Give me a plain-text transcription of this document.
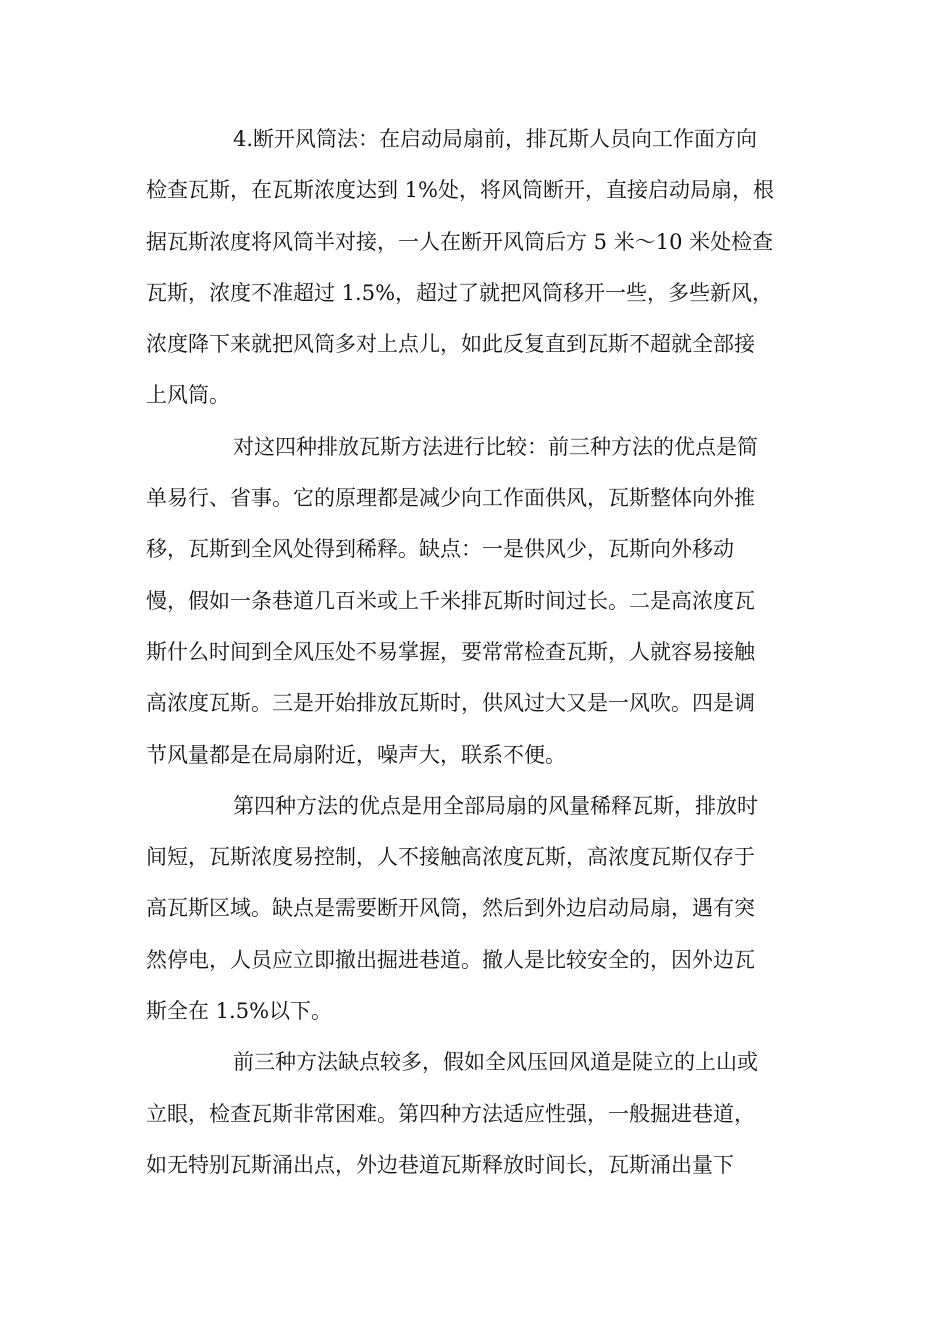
4.断开风筒法：在启动局扇前，排瓦斯人员向工作面方向
检查瓦斯，在瓦斯浓度达到 1%处，将风筒断开，直接启动局扇，根
据瓦斯浓度将风筒半对接，一人在断开风筒后方 5 米～10 米处检查
瓦斯，浓度不准超过 1.5%，超过了就把风筒移开一些，多些新风，
浓度降下来就把风筒多对上点儿，如此反复直到瓦斯不超就全部接
上风筒。
对这四种排放瓦斯方法进行比较：前三种方法的优点是简
单易行、省事。它的原理都是减少向工作面供风，瓦斯整体向外推
移，瓦斯到全风处得到稀释。缺点：一是供风少，瓦斯向外移动
慢，假如一条巷道几百米或上千米排瓦斯时间过长。二是高浓度瓦
斯什么时间到全风压处不易掌握，要常常检查瓦斯，人就容易接触
高浓度瓦斯。三是开始排放瓦斯时，供风过大又是一风吹。四是调
节风量都是在局扇附近，噪声大，联系不便。
第四种方法的优点是用全部局扇的风量稀释瓦斯，排放时
间短，瓦斯浓度易控制，人不接触高浓度瓦斯，高浓度瓦斯仅存于
高瓦斯区域。缺点是需要断开风筒，然后到外边启动局扇，遇有突
然停电，人员应立即撤出掘进巷道。撤人是比较安全的，因外边瓦
斯全在 1.5%以下。
前三种方法缺点较多，假如全风压回风道是陡立的上山或
立眼，检查瓦斯非常困难。第四种方法适应性强，一般掘进巷道，
如无特别瓦斯涌出点，外边巷道瓦斯释放时间长，瓦斯涌出量下
